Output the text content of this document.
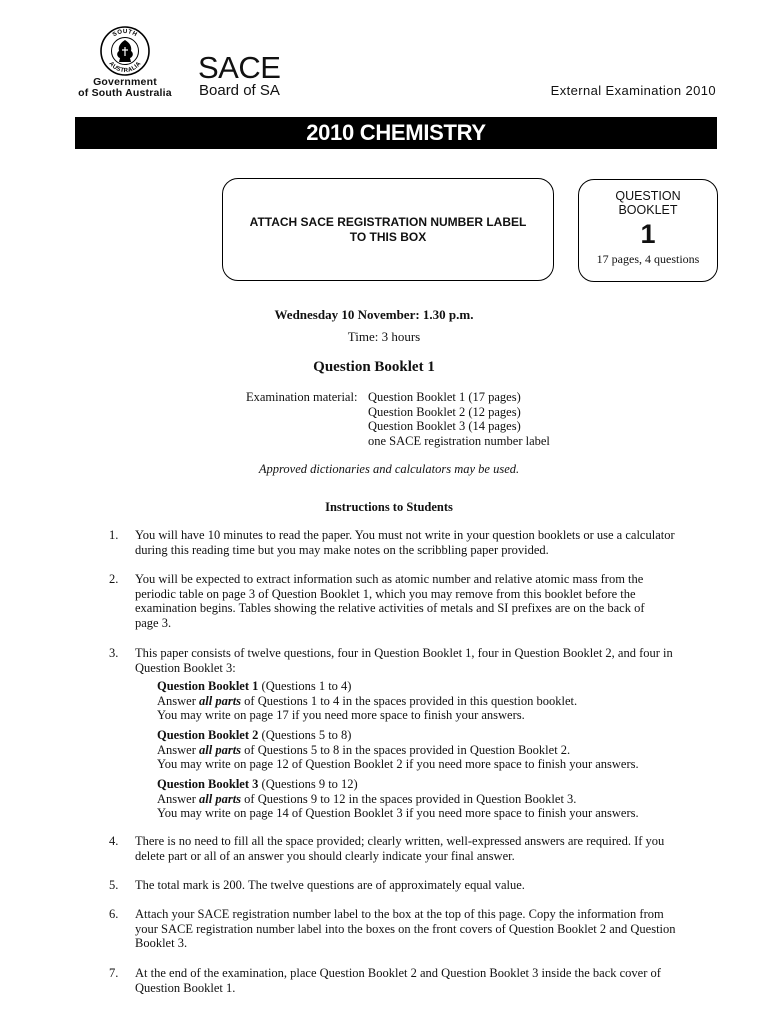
SOUTH
AUSTRALIA
Government
of South Australia
SACE
Board of SA	External Examination 2010
2010 CHEMISTRY
ATTACH SACE REGISTRATION NUMBER LABEL
TO THIS BOX
QUESTION
BOOKLET
1
17 pages, 4 questions
Wednesday 10 November: 1.30 p.m.
Time: 3 hours
Question Booklet 1
Examination material: Question Booklet 1 (17 pages)
Question Booklet 2 (12 pages)
Question Booklet 3 (14 pages)
one SACE registration number label
Approved dictionaries and calculators may be used.
Instructions to Students
1. You will have 10 minutes to read the paper. You must not write in your question booklets or use a calculator
during this reading time but you may make notes on the scribbling paper provided.
2. You will be expected to extract information such as atomic number and relative atomic mass from the
periodic table on page 3 of Question Booklet 1, which you may remove from this booklet before the
examination begins. Tables showing the relative activities of metals and SI prefixes are on the back of
page 3.
3. This paper consists of twelve questions, four in Question Booklet 1, four in Question Booklet 2, and four in
Question Booklet 3:
Question Booklet 1 (Questions 1 to 4)
Answer all parts of Questions 1 to 4 in the spaces provided in this question booklet.
You may write on page 17 if you need more space to finish your answers.
Question Booklet 2 (Questions 5 to 8)
Answer all parts of Questions 5 to 8 in the spaces provided in Question Booklet 2.
You may write on page 12 of Question Booklet 2 if you need more space to finish your answers.
Question Booklet 3 (Questions 9 to 12)
Answer all parts of Questions 9 to 12 in the spaces provided in Question Booklet 3.
You may write on page 14 of Question Booklet 3 if you need more space to finish your answers.
4. There is no need to fill all the space provided; clearly written, well-expressed answers are required. If you
delete part or all of an answer you should clearly indicate your final answer.
5. The total mark is 200. The twelve questions are of approximately equal value.
6. Attach your SACE registration number label to the box at the top of this page. Copy the information from
your SACE registration number label into the boxes on the front covers of Question Booklet 2 and Question
Booklet 3.
7. At the end of the examination, place Question Booklet 2 and Question Booklet 3 inside the back cover of
Question Booklet 1.
